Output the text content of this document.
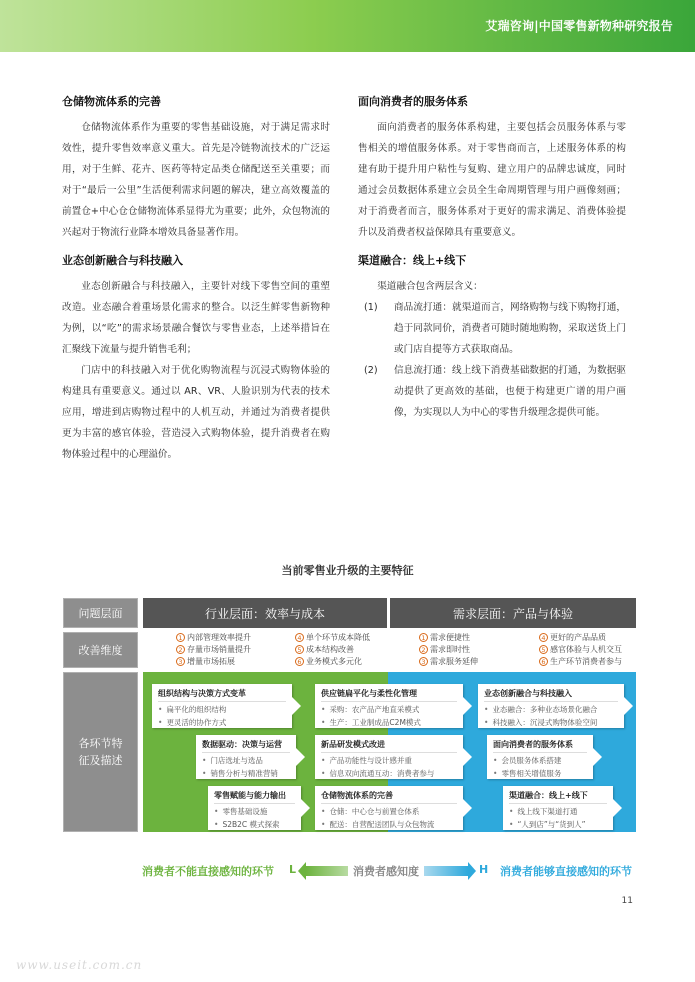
艾瑞咨询|中国零售新物种研究报告
仓储物流体系的完善
仓储物流体系作为重要的零售基础设施，对于满足需求时效性，提升零售效率意义重大。首先是冷链物流技术的广泛运用，对于生鲜、花卉、医药等特定品类仓储配送至关重要；而对于“最后一公里”生活便利需求问题的解决，建立高效覆盖的前置仓+中心仓仓储物流体系显得尤为重要；此外，众包物流的兴起对于物流行业降本增效具备显著作用。
业态创新融合与科技融入
业态创新融合与科技融入，主要针对线下零售空间的重塑改造。业态融合着重场景化需求的整合。以泛生鲜零售新物种为例，以“吃”的需求场景融合餐饮与零售业态，上述举措旨在汇聚线下流量与提升销售毛利；
门店中的科技融入对于优化购物流程与沉浸式购物体验的构建具有重要意义。通过以 AR、VR、人脸识别为代表的技术应用，增进到店购物过程中的人机互动，并通过为消费者提供更为丰富的感官体验，营造浸入式购物体验，提升消费者在购物体验过程中的心理溢价。
面向消费者的服务体系
面向消费者的服务体系构建，主要包括会员服务体系与零售相关的增值服务体系。对于零售商而言，上述服务体系的构建有助于提升用户粘性与复购、建立用户的品牌忠诚度，同时通过会员数据体系建立会员全生命周期管理与用户画像刻画；对于消费者而言，服务体系对于更好的需求满足、消费体验提升以及消费者权益保障具有重要意义。
渠道融合：线上+线下
渠道融合包含两层含义：
(1)	商品流打通：就渠道而言，网络购物与线下购物打通，趋于同款同价，消费者可随时随地购物，采取送货上门或门店自提等方式获取商品。
(2)	信息流打通：线上线下消费基础数据的打通，为数据驱动提供了更高效的基础，也便于构建更广谱的用户画像，为实现以人为中心的零售升级理念提供可能。
当前零售业升级的主要特征
问题层面
改善维度
各环节特征及描述
行业层面：效率与成本	需求层面：产品与体验
1 内部管理效率提升
2 存量市场销量提升
3 增量市场拓展
4 单个环节成本降低
5 成本结构改善
6 业务模式多元化
1 需求便捷性
2 需求即时性
3 需求服务延伸
4 更好的产品品质
5 感官体验与人机交互
6 生产环节消费者参与
组织结构与决策方式变革
• 扁平化的组织结构
• 更灵活的协作方式
供应链扁平化与柔性化管理
• 采购：农产品产地直采模式
• 生产：工业制成品C2M模式
业态创新融合与科技融入
• 业态融合：多种业态场景化融合
• 科技融入：沉浸式购物体验空间
数据驱动：决策与运营
• 门店选址与选品
• 销售分析与精准营销
新品研发模式改进
• 产品功能性与设计感并重
• 信息双向流通互动：消费者参与
面向消费者的服务体系
• 会员服务体系搭建
• 零售相关增值服务
零售赋能与能力输出
• 零售基础设施
• S2B2C 模式探索
仓储物流体系的完善
• 仓储：中心仓与前置仓体系
• 配送：自营配送团队与众包物流
渠道融合：线上+线下
• 线上线下渠道打通
• “人到店”与“货到人”
消费者不能直接感知的环节 L	消费者感知度	H 消费者能够直接感知的环节
11
www.useit.com.cn
